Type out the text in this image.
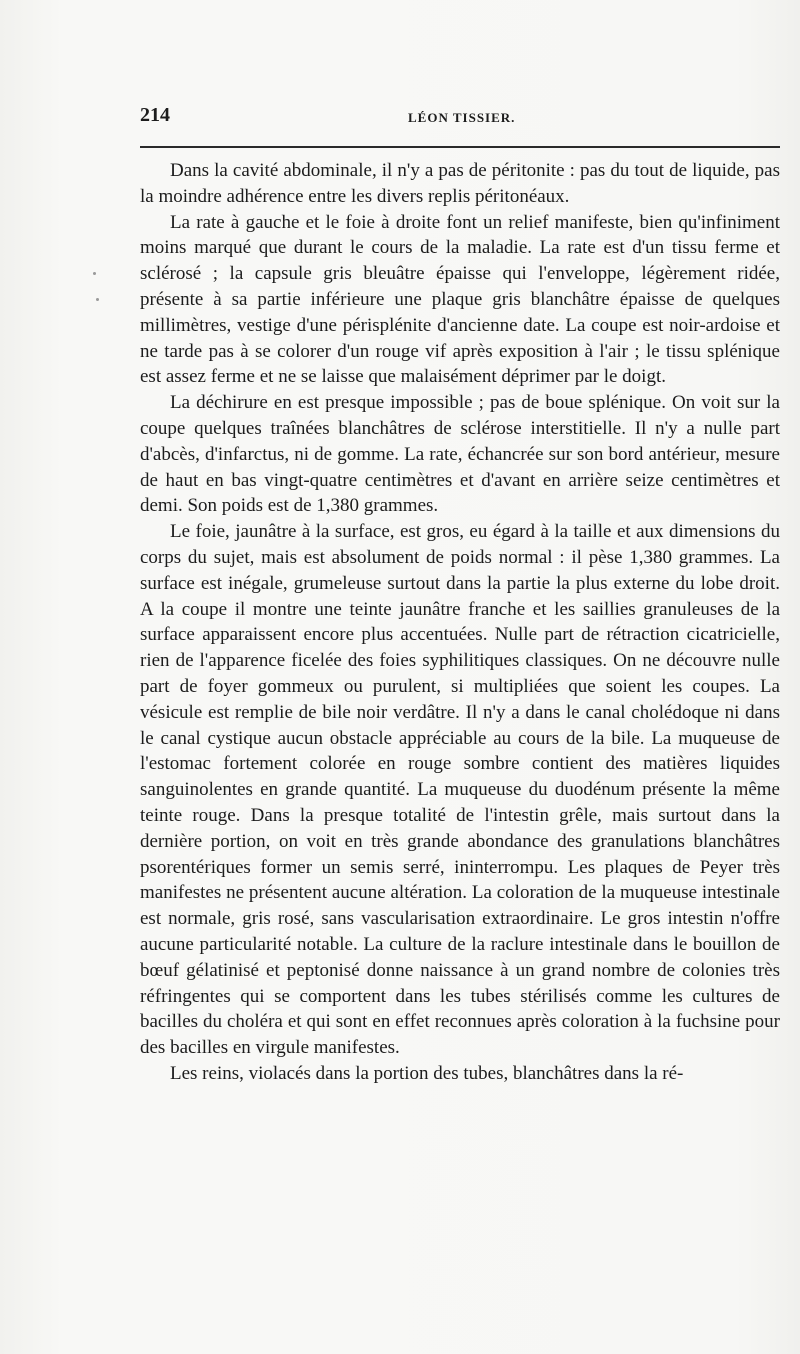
214	LÉON TISSIER.

Dans la cavité abdominale, il n'y a pas de péritonite : pas du tout de liquide, pas la moindre adhérence entre les divers replis péritonéaux.

La rate à gauche et le foie à droite font un relief manifeste, bien qu'infiniment moins marqué que durant le cours de la maladie. La rate est d'un tissu ferme et sclérosé ; la capsule gris bleuâtre épaisse qui l'enveloppe, légèrement ridée, présente à sa partie inférieure une plaque gris blanchâtre épaisse de quelques millimètres, vestige d'une périsplénite d'ancienne date. La coupe est noir-ardoise et ne tarde pas à se colorer d'un rouge vif après exposition à l'air ; le tissu splénique est assez ferme et ne se laisse que malaisément déprimer par le doigt.

La déchirure en est presque impossible ; pas de boue splénique. On voit sur la coupe quelques traînées blanchâtres de sclérose interstitielle. Il n'y a nulle part d'abcès, d'infarctus, ni de gomme. La rate, échancrée sur son bord antérieur, mesure de haut en bas vingt-quatre centimètres et d'avant en arrière seize centimètres et demi. Son poids est de 1,380 grammes.

Le foie, jaunâtre à la surface, est gros, eu égard à la taille et aux dimensions du corps du sujet, mais est absolument de poids normal : il pèse 1,380 grammes. La surface est inégale, grumeleuse surtout dans la partie la plus externe du lobe droit. A la coupe il montre une teinte jaunâtre franche et les saillies granuleuses de la surface apparaissent encore plus accentuées. Nulle part de rétraction cicatricielle, rien de l'apparence ficelée des foies syphilitiques classiques. On ne découvre nulle part de foyer gommeux ou purulent, si multipliées que soient les coupes. La vésicule est remplie de bile noir verdâtre. Il n'y a dans le canal cholédoque ni dans le canal cystique aucun obstacle appréciable au cours de la bile. La muqueuse de l'estomac fortement colorée en rouge sombre contient des matières liquides sanguinolentes en grande quantité. La muqueuse du duodénum présente la même teinte rouge. Dans la presque totalité de l'intestin grêle, mais surtout dans la dernière portion, on voit en très grande abondance des granulations blanchâtres psorentériques former un semis serré, ininterrompu. Les plaques de Peyer très manifestes ne présentent aucune altération. La coloration de la muqueuse intestinale est normale, gris rosé, sans vascularisation extraordinaire. Le gros intestin n'offre aucune particularité notable. La culture de la raclure intestinale dans le bouillon de bœuf gélatinisé et peptonisé donne naissance à un grand nombre de colonies très réfringentes qui se comportent dans les tubes stérilisés comme les cultures de bacilles du choléra et qui sont en effet reconnues après coloration à la fuchsine pour des bacilles en virgule manifestes.

Les reins, violacés dans la portion des tubes, blanchâtres dans la ré-
